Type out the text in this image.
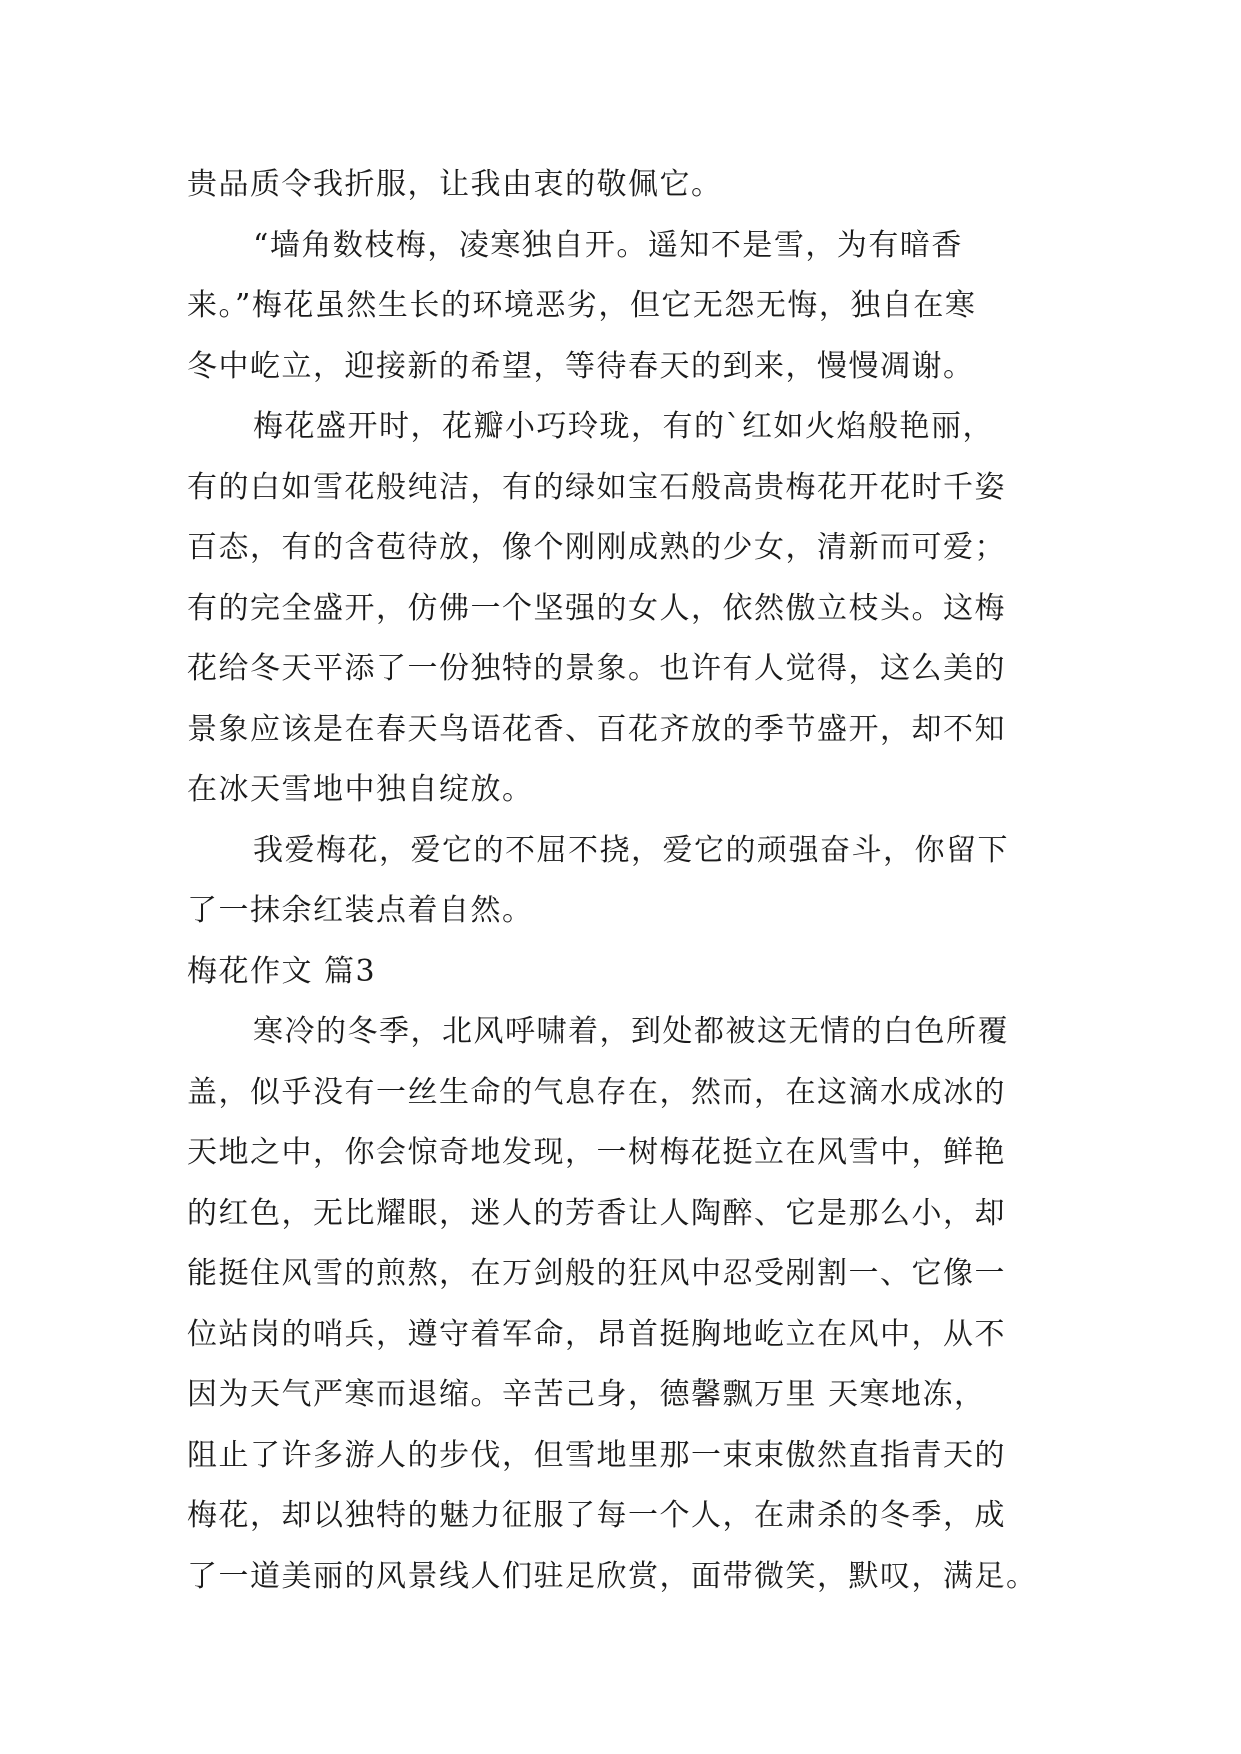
贵品质令我折服，让我由衷的敬佩它。
“墙角数枝梅，凌寒独自开。遥知不是雪，为有暗香
来。”梅花虽然生长的环境恶劣，但它无怨无悔，独自在寒
冬中屹立，迎接新的希望，等待春天的到来，慢慢凋谢。
梅花盛开时，花瓣小巧玲珑，有的`红如火焰般艳丽，
有的白如雪花般纯洁，有的绿如宝石般高贵梅花开花时千姿
百态，有的含苞待放，像个刚刚成熟的少女，清新而可爱；
有的完全盛开，仿佛一个坚强的女人，依然傲立枝头。这梅
花给冬天平添了一份独特的景象。也许有人觉得，这么美的
景象应该是在春天鸟语花香、百花齐放的季节盛开，却不知
在冰天雪地中独自绽放。
我爱梅花，爱它的不屈不挠，爱它的顽强奋斗，你留下
了一抹余红装点着自然。
梅花作文 篇3
寒冷的冬季，北风呼啸着，到处都被这无情的白色所覆
盖，似乎没有一丝生命的气息存在，然而，在这滴水成冰的
天地之中，你会惊奇地发现，一树梅花挺立在风雪中，鲜艳
的红色，无比耀眼，迷人的芳香让人陶醉、它是那么小，却
能挺住风雪的煎熬，在万剑般的狂风中忍受剐割一、它像一
位站岗的哨兵，遵守着军命，昂首挺胸地屹立在风中，从不
因为天气严寒而退缩。辛苦己身，德馨飘万里 天寒地冻，
阻止了许多游人的步伐，但雪地里那一束束傲然直指青天的
梅花，却以独特的魅力征服了每一个人，在肃杀的冬季，成
了一道美丽的风景线人们驻足欣赏，面带微笑，默叹，满足。
